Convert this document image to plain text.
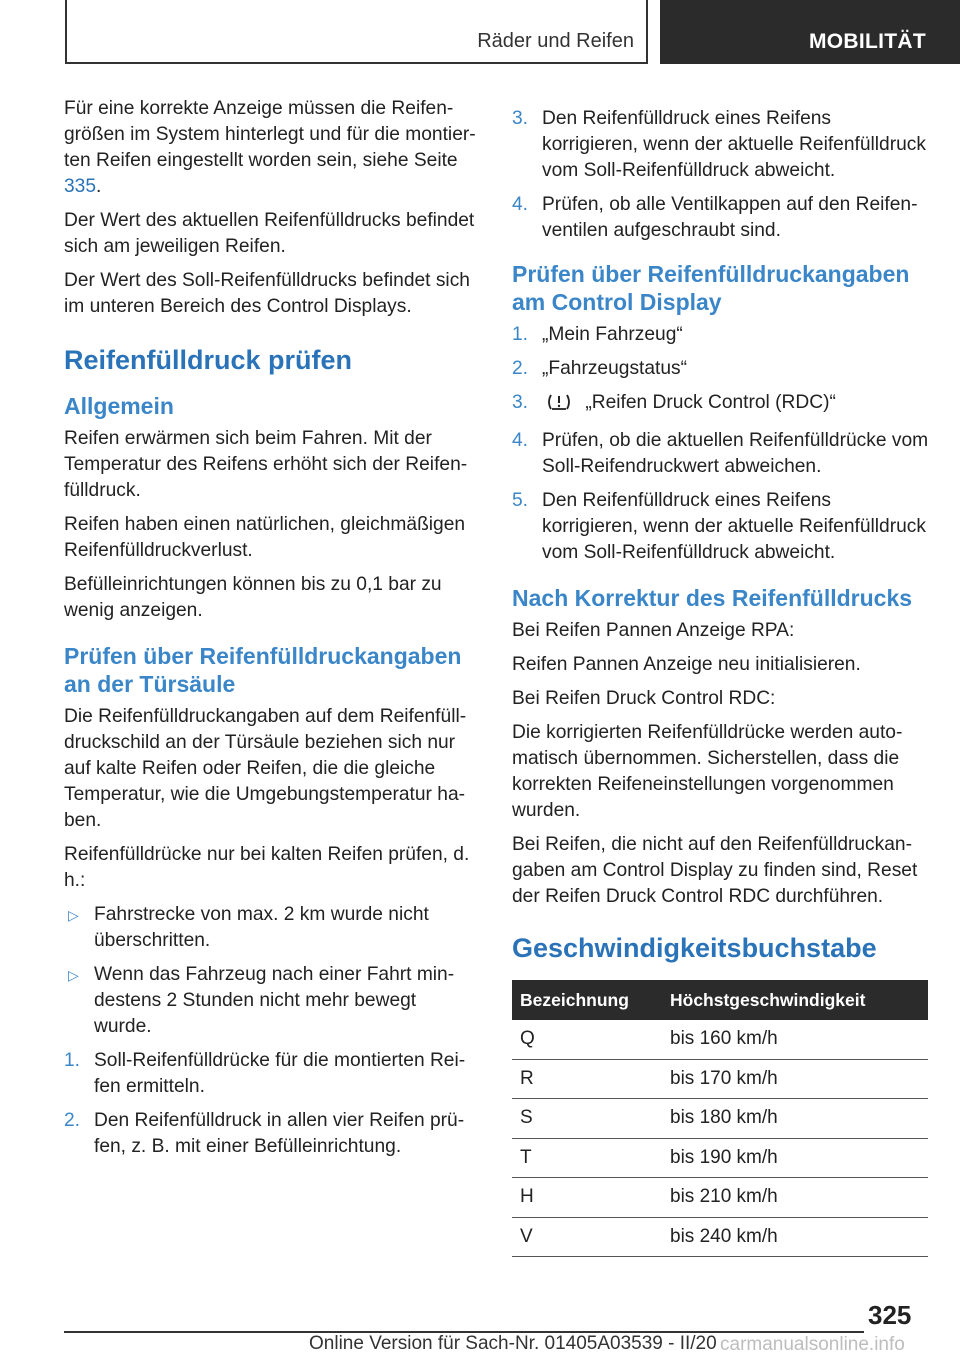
Räder und Reifen	MOBILITÄT

Für eine korrekte Anzeige müssen die Reifengrößen im System hinterlegt und für die montierten Reifen eingestellt worden sein, siehe Seite 335.

Der Wert des aktuellen Reifenfülldrucks befindet sich am jeweiligen Reifen.

Der Wert des Soll-Reifenfülldrucks befindet sich im unteren Bereich des Control Displays.

Reifenfülldruck prüfen
Allgemein

Reifen erwärmen sich beim Fahren. Mit der Temperatur des Reifens erhöht sich der Reifenfülldruck.

Reifen haben einen natürlichen, gleichmäßigen Reifenfülldruckverlust.

Befülleinrichtungen können bis zu 0,1 bar zu wenig anzeigen.

Prüfen über Reifenfülldruckangaben an der Türsäule

Die Reifenfülldruckangaben auf dem Reifenfülldruckschild an der Türsäule beziehen sich nur auf kalte Reifen oder Reifen, die die gleiche Temperatur, wie die Umgebungstemperatur haben.

Reifenfülldrücke nur bei kalten Reifen prüfen, d. h.:

▷ Fahrstrecke von max. 2 km wurde nicht überschritten.
▷ Wenn das Fahrzeug nach einer Fahrt mindestens 2 Stunden nicht mehr bewegt wurde.
1. Soll-Reifenfülldrücke für die montierten Reifen ermitteln.
2. Den Reifenfülldruck in allen vier Reifen prüfen, z. B. mit einer Befülleinrichtung.
3. Den Reifenfülldruck eines Reifens korrigieren, wenn der aktuelle Reifenfülldruck vom Soll-Reifenfülldruck abweicht.
4. Prüfen, ob alle Ventilkappen auf den Reifenventilen aufgeschraubt sind.
Prüfen über Reifenfülldruckangaben am Control Display
1. „Mein Fahrzeug“
2. „Fahrzeugstatus“
3.	„Reifen Druck Control (RDC)“
4. Prüfen, ob die aktuellen Reifenfülldrücke vom Soll-Reifendruckwert abweichen.
5. Den Reifenfülldruck eines Reifens korrigieren, wenn der aktuelle Reifenfülldruck vom Soll-Reifenfülldruck abweicht.
Nach Korrektur des Reifenfülldrucks

Bei Reifen Pannen Anzeige RPA:

Reifen Pannen Anzeige neu initialisieren.

Bei Reifen Druck Control RDC:

Die korrigierten Reifenfülldrücke werden automatisch übernommen. Sicherstellen, dass die korrekten Reifeneinstellungen vorgenommen wurden.

Bei Reifen, die nicht auf den Reifenfülldruckangaben am Control Display zu finden sind, Reset der Reifen Druck Control RDC durchführen.

Geschwindigkeitsbuchstabe
Bezeichnung	Höchstgeschwindigkeit
Q	bis 160 km/h
R	bis 170 km/h
S	bis 180 km/h
T	bis 190 km/h
H	bis 210 km/h
V	bis 240 km/h
325
Online Version für Sach-Nr. 01405A03539 - II/20 carmanualsonline.info
